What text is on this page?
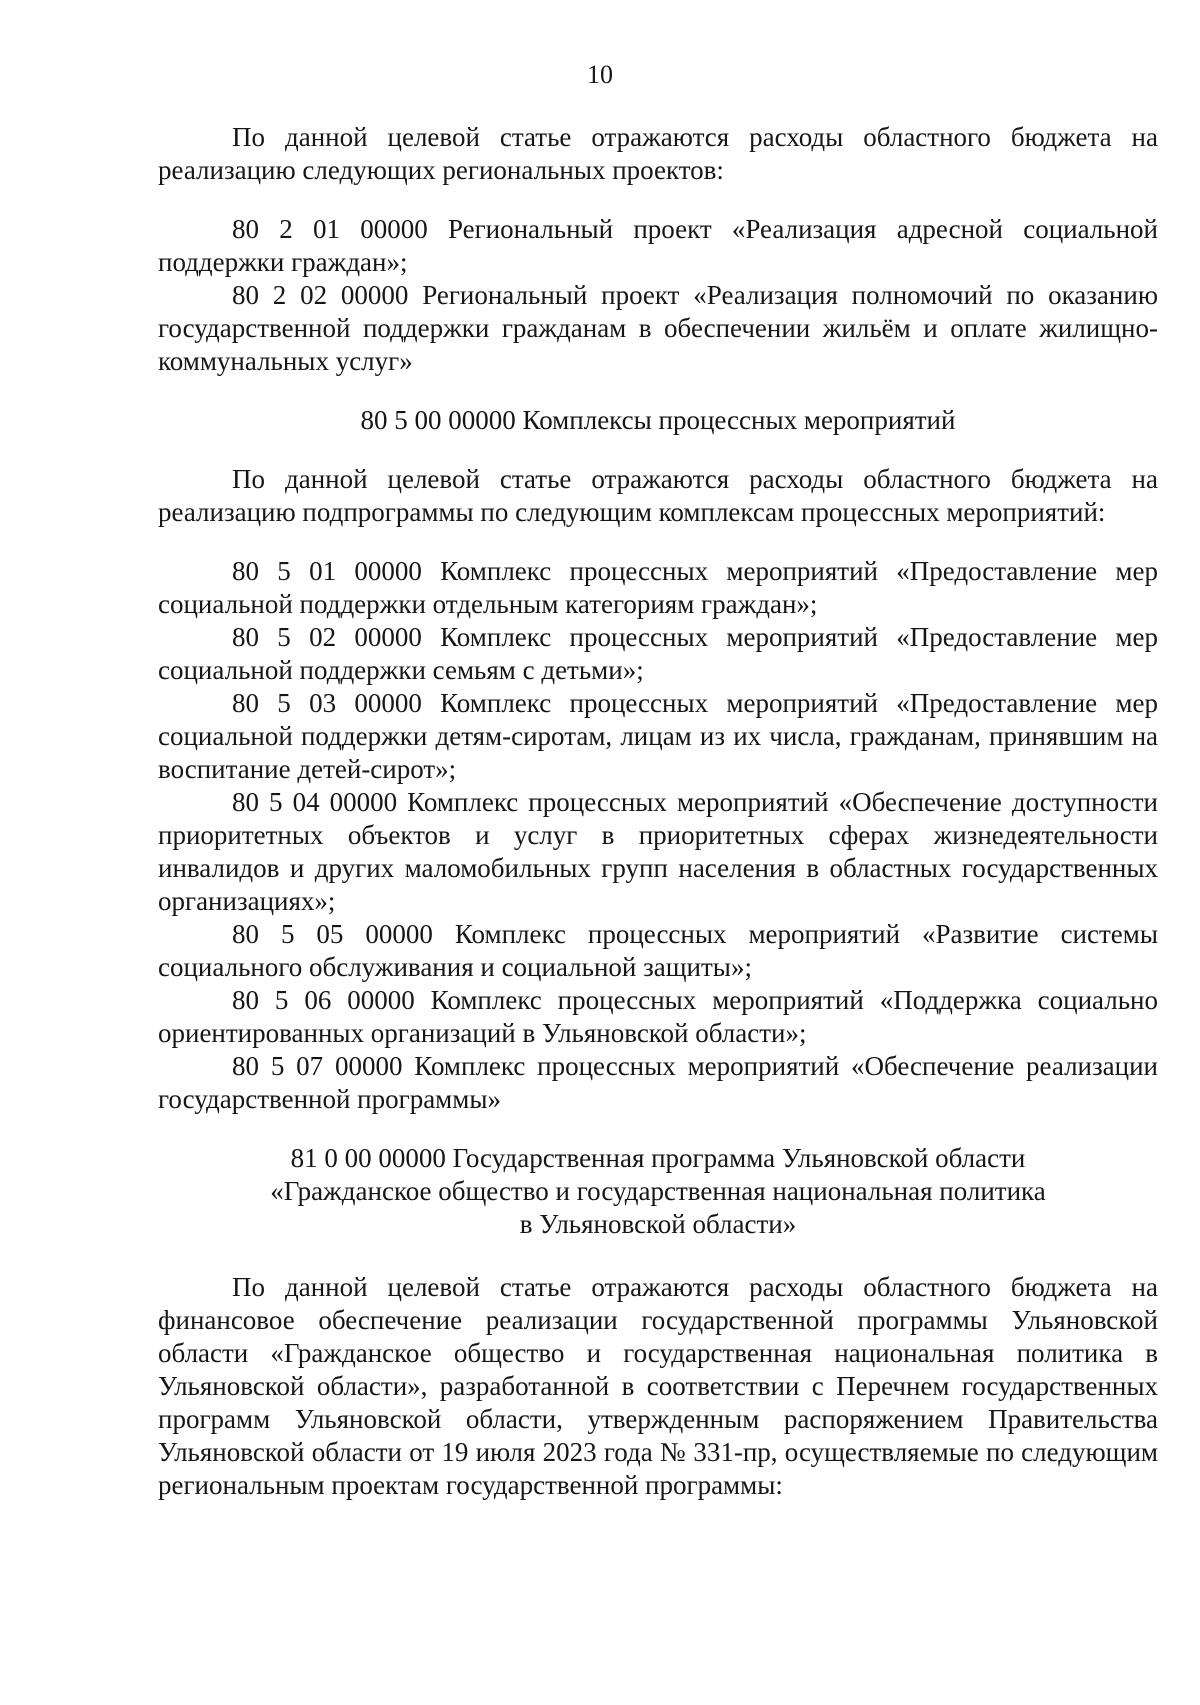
10

По данной целевой статье отражаются расходы областного бюджета на реализацию следующих региональных проектов:

80 2 01 00000 Региональный проект «Реализация адресной социальной поддержки граждан»;

80 2 02 00000 Региональный проект «Реализация полномочий по оказанию государственной поддержки гражданам в обеспечении жильём и оплате жилищно-коммунальных услуг»

80 5 00 00000 Комплексы процессных мероприятий

По данной целевой статье отражаются расходы областного бюджета на реализацию подпрограммы по следующим комплексам процессных мероприятий:

80 5 01 00000 Комплекс процессных мероприятий «Предоставление мер социальной поддержки отдельным категориям граждан»;

80 5 02 00000 Комплекс процессных мероприятий «Предоставление мер социальной поддержки семьям с детьми»;

80 5 03 00000 Комплекс процессных мероприятий «Предоставление мер социальной поддержки детям-сиротам, лицам из их числа, гражданам, принявшим на воспитание детей-сирот»;

80 5 04 00000 Комплекс процессных мероприятий «Обеспечение доступности приоритетных объектов и услуг в приоритетных сферах жизнедеятельности инвалидов и других маломобильных групп населения в областных государственных организациях»;

80 5 05 00000 Комплекс процессных мероприятий «Развитие системы социального обслуживания и социальной защиты»;

80 5 06 00000 Комплекс процессных мероприятий «Поддержка социально ориентированных организаций в Ульяновской области»;

80 5 07 00000 Комплекс процессных мероприятий «Обеспечение реализации государственной программы»

81 0 00 00000 Государственная программа Ульяновской области
«Гражданское общество и государственная национальная политика
в Ульяновской области»

По данной целевой статье отражаются расходы областного бюджета на финансовое обеспечение реализации государственной программы Ульяновской области «Гражданское общество и государственная национальная политика в Ульяновской области», разработанной в соответствии с Перечнем государственных программ Ульяновской области, утвержденным распоряжением Правительства Ульяновской области от 19 июля 2023 года № 331-пр, осуществляемые по следующим региональным проектам государственной программы:
